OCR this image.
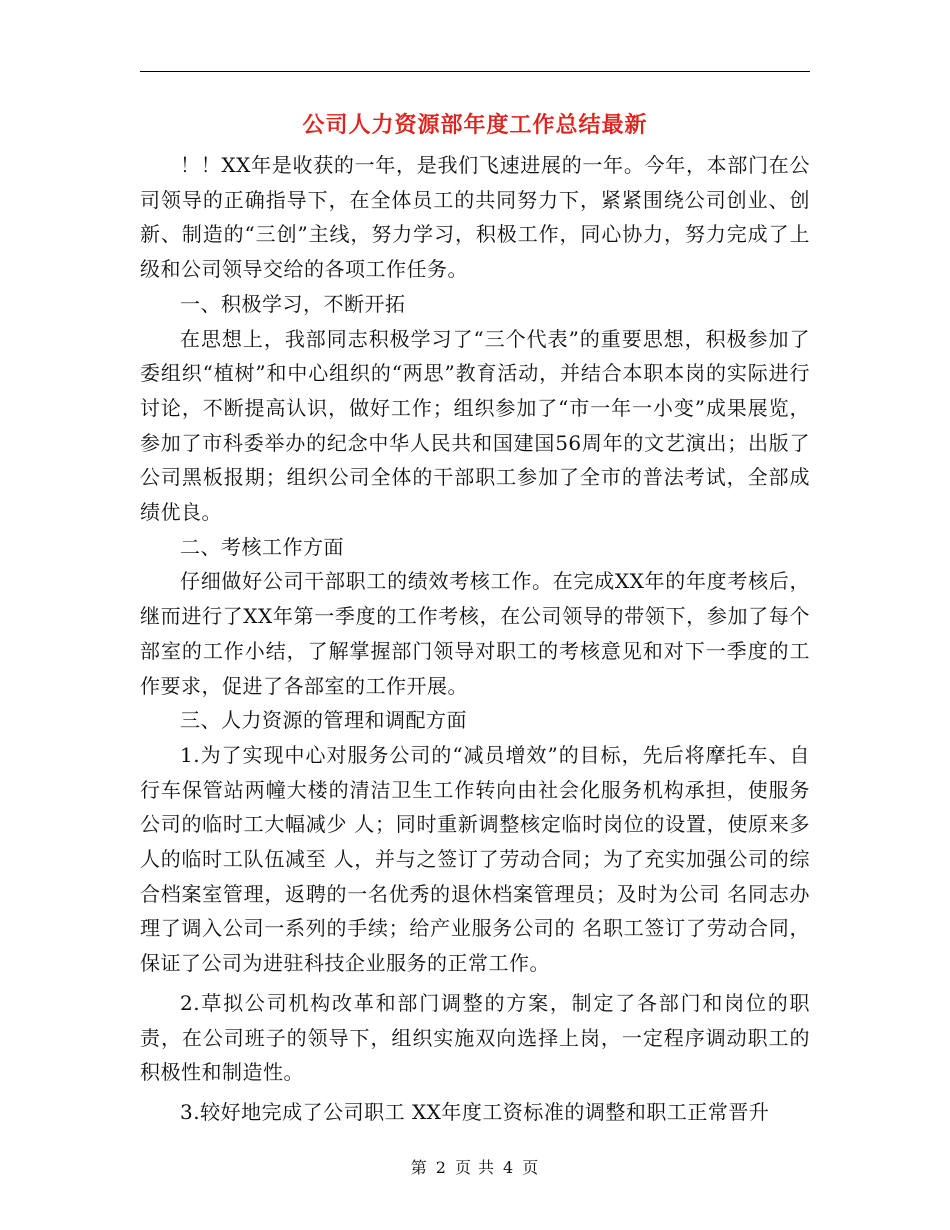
公司人力资源部年度工作总结最新

！！XX年是收获的一年，是我们飞速进展的一年。今年，本部门在公司领导的正确指导下，在全体员工的共同努力下，紧紧围绕公司创业、创新、制造的“三创”主线，努力学习，积极工作，同心协力，努力完成了上级和公司领导交给的各项工作任务。

一、积极学习，不断开拓

在思想上，我部同志积极学习了“三个代表”的重要思想，积极参加了 委组织“植树”和中心组织的“两思”教育活动，并结合本职本岗的实际进行讨论，不断提高认识，做好工作；组织参加了“市一年一小变”成果展览，参加了市科委举办的纪念中华人民共和国建国56周年的文艺演出；出版了公司黑板报期；组织公司全体的干部职工参加了全市的普法考试，全部成绩优良。

二、考核工作方面

仔细做好公司干部职工的绩效考核工作。在完成XX年的年度考核后，继而进行了XX年第一季度的工作考核，在公司领导的带领下，参加了每个部室的工作小结，了解掌握部门领导对职工的考核意见和对下一季度的工作要求，促进了各部室的工作开展。

三、人力资源的管理和调配方面

1.为了实现中心对服务公司的“减员增效”的目标，先后将摩托车、自行车保管站两幢大楼的清洁卫生工作转向由社会化服务机构承担，使服务公司的临时工大幅减少 人；同时重新调整核定临时岗位的设置，使原来多人的临时工队伍减至 人，并与之签订了劳动合同；为了充实加强公司的综合档案室管理，返聘的一名优秀的退休档案管理员；及时为公司 名同志办理了调入公司一系列的手续；给产业服务公司的 名职工签订了劳动合同，保证了公司为进驻科技企业服务的正常工作。

2.草拟公司机构改革和部门调整的方案，制定了各部门和岗位的职责，在公司班子的领导下，组织实施双向选择上岗，一定程序调动职工的积极性和制造性。

3.较好地完成了公司职工 XX年度工资标准的调整和职工正常晋升

第 2 页 共 4 页
